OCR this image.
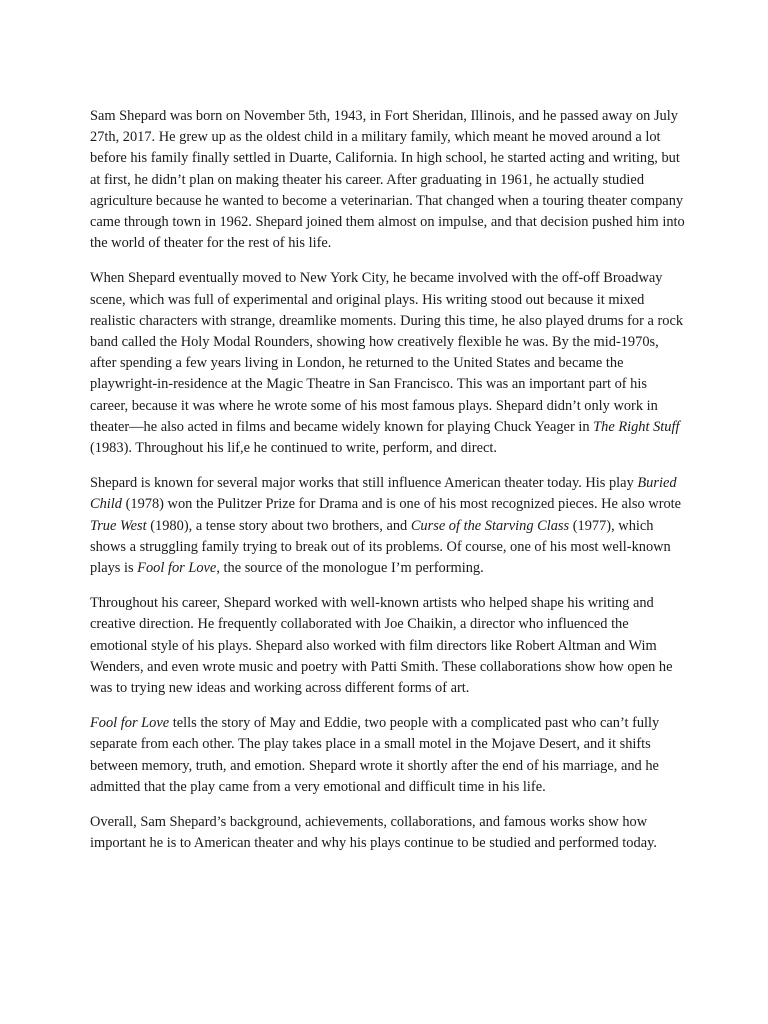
Sam Shepard was born on November 5th, 1943, in Fort Sheridan, Illinois, and he passed away on July 27th, 2017. He grew up as the oldest child in a military family, which meant he moved around a lot before his family finally settled in Duarte, California. In high school, he started acting and writing, but at first, he didn’t plan on making theater his career. After graduating in 1961, he actually studied agriculture because he wanted to become a veterinarian. That changed when a touring theater company came through town in 1962. Shepard joined them almost on impulse, and that decision pushed him into the world of theater for the rest of his life.

When Shepard eventually moved to New York City, he became involved with the off-off Broadway scene, which was full of experimental and original plays. His writing stood out because it mixed realistic characters with strange, dreamlike moments. During this time, he also played drums for a rock band called the Holy Modal Rounders, showing how creatively flexible he was. By the mid-1970s, after spending a few years living in London, he returned to the United States and became the playwright-in-residence at the Magic Theatre in San Francisco. This was an important part of his career, because it was where he wrote some of his most famous plays. Shepard didn’t only work in theater—he also acted in films and became widely known for playing Chuck Yeager in The Right Stuff (1983). Throughout his lif,e he continued to write, perform, and direct.

Shepard is known for several major works that still influence American theater today. His play Buried Child (1978) won the Pulitzer Prize for Drama and is one of his most recognized pieces. He also wrote True West (1980), a tense story about two brothers, and Curse of the Starving Class (1977), which shows a struggling family trying to break out of its problems. Of course, one of his most well-known plays is Fool for Love, the source of the monologue I’m performing.

Throughout his career, Shepard worked with well-known artists who helped shape his writing and creative direction. He frequently collaborated with Joe Chaikin, a director who influenced the emotional style of his plays. Shepard also worked with film directors like Robert Altman and Wim Wenders, and even wrote music and poetry with Patti Smith. These collaborations show how open he was to trying new ideas and working across different forms of art.

Fool for Love tells the story of May and Eddie, two people with a complicated past who can’t fully separate from each other. The play takes place in a small motel in the Mojave Desert, and it shifts between memory, truth, and emotion. Shepard wrote it shortly after the end of his marriage, and he admitted that the play came from a very emotional and difficult time in his life.

Overall, Sam Shepard’s background, achievements, collaborations, and famous works show how important he is to American theater and why his plays continue to be studied and performed today.
